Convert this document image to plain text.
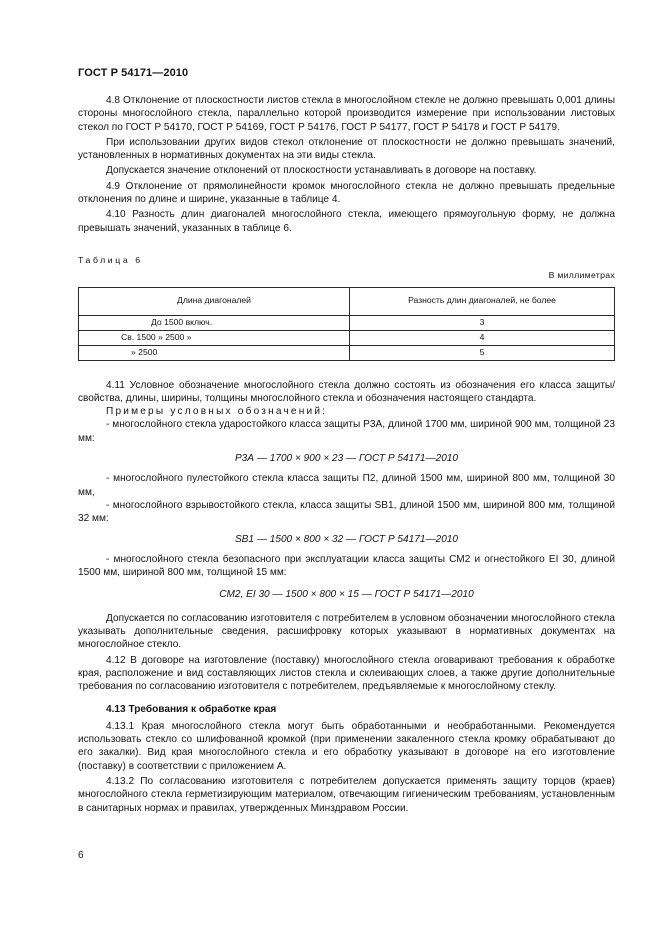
ГОСТ Р 54171—2010

4.8 Отклонение от плоскостности листов стекла в многослойном стекле не должно превышать 0,001 длины стороны многослойного стекла, параллельно которой производится измерение при использовании листовых стекол по ГОСТ Р 54170, ГОСТ Р 54169, ГОСТ Р 54176, ГОСТ Р 54177, ГОСТ Р 54178 и ГОСТ Р 54179.

При использовании других видов стекол отклонение от плоскостности не должно превышать значений, установленных в нормативных документах на эти виды стекла.

Допускается значение отклонений от плоскостности устанавливать в договоре на поставку.

4.9 Отклонение от прямолинейности кромок многослойного стекла не должно превышать предельные отклонения по длине и ширине, указанные в таблице 4.

4.10 Разность длин диагоналей многослойного стекла, имеющего прямоугольную форму, не должна превышать значений, указанных в таблице 6.

Таблица 6
В миллиметрах
Длина диагоналей	Разность длин диагоналей, не более
До 1500 включ.	3
Св. 1500 » 2500 »	4
» 2500	5

4.11 Условное обозначение многослойного стекла должно состоять из обозначения его класса защиты/свойства, длины, ширины, толщины многослойного стекла и обозначения настоящего стандарта.

Примеры условных обозначений:

- многослойного стекла ударостойкого класса защиты Р3А, длиной 1700 мм, шириной 900 мм, толщиной 23 мм:

Р3А — 1700 × 900 × 23 — ГОСТ Р 54171—2010

- многослойного пулестойкого стекла класса защиты П2, длиной 1500 мм, шириной 800 мм, толщиной 30 мм,

- многослойного взрывостойкого стекла, класса защиты SB1, длиной 1500 мм, шириной 800 мм, толщиной 32 мм:

SB1 — 1500 × 800 × 32 — ГОСТ Р 54171—2010

- многослойного стекла безопасного при эксплуатации класса защиты СМ2 и огнестойкого EI 30, длиной 1500 мм, шириной 800 мм, толщиной 15 мм:

СМ2, EI 30 — 1500 × 800 × 15 — ГОСТ Р 54171—2010

Допускается по согласованию изготовителя с потребителем в условном обозначении многослойного стекла указывать дополнительные сведения, расшифровку которых указывают в нормативных документах на многослойное стекло.

4.12 В договоре на изготовление (поставку) многослойного стекла оговаривают требования к обработке края, расположение и вид составляющих листов стекла и склеивающих слоев, а также другие дополнительные требования по согласованию изготовителя с потребителем, предъявляемые к многослойному стеклу.

4.13 Требования к обработке края

4.13.1 Края многослойного стекла могут быть обработанными и необработанными. Рекомендуется использовать стекло со шлифованной кромкой (при применении закаленного стекла кромку обрабатывают до его закалки). Вид края многослойного стекла и его обработку указывают в договоре на его изготовление (поставку) в соответствии с приложением А.

4.13.2 По согласованию изготовителя с потребителем допускается применять защиту торцов (краев) многослойного стекла герметизирующим материалом, отвечающим гигиеническим требованиям, установленным в санитарных нормах и правилах, утвержденных Минздравом России.

6
